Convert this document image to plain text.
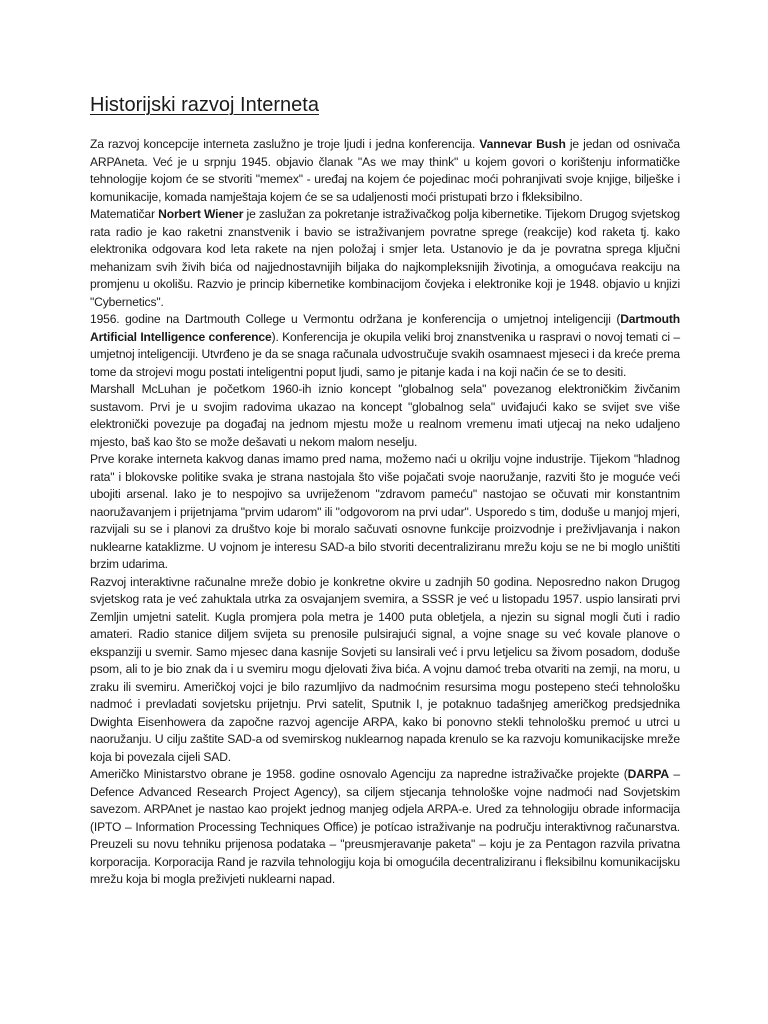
Historijski razvoj Interneta

Za razvoj koncepcije interneta zaslužno je troje ljudi i jedna konferencija. Vannevar Bush je jedan od osnivača ARPAneta. Već je u srpnju 1945. objavio članak "As we may think" u kojem govori o korištenju informatičke tehnologije kojom će se stvoriti "memex" - uređaj na kojem će pojedinac moći pohranjivati svoje knjige, bilješke i komunikacije, komada namještaja kojem će se sa udaljenosti moći pristupati brzo i fkleksibilno.

Matematičar Norbert Wiener je zaslužan za pokretanje istraživačkog polja kibernetike. Tijekom Drugog svjetskog rata radio je kao raketni znanstvenik i bavio se istraživanjem povratne sprege (reakcije) kod raketa tj. kako elektronika odgovara kod leta rakete na njen položaj i smjer leta. Ustanovio je da je povratna sprega ključni mehanizam svih živih bića od najjednostavnijih biljaka do najkompleksnijih životinja, a omogućava reakciju na promjenu u okolišu. Razvio je princip kibernetike kombinacijom čovjeka i elektronike koji je 1948. objavio u knjizi "Cybernetics".

1956. godine na Dartmouth College u Vermontu održana je konferencija o umjetnoj inteligenciji (Dartmouth Artificial Intelligence conference). Konferencija je okupila veliki broj znanstvenika u raspravi o novoj temati ci – umjetnoj inteligenciji. Utvrđeno je da se snaga računala udvostručuje svakih osamnaest mjeseci i da kreće prema tome da strojevi mogu postati inteligentni poput ljudi, samo je pitanje kada i na koji način će se to desiti.

Marshall McLuhan je početkom 1960-ih iznio koncept "globalnog sela" povezanog elektroničkim živčanim sustavom. Prvi je u svojim radovima ukazao na koncept "globalnog sela" uviđajući kako se svijet sve više elektronički povezuje pa događaj na jednom mjestu može u realnom vremenu imati utjecaj na neko udaljeno mjesto, baš kao što se može dešavati u nekom malom neselju.

Prve korake interneta kakvog danas imamo pred nama, možemo naći u okrilju vojne industrije. Tijekom "hladnog rata" i blokovske politike svaka je strana nastojala što više pojačati svoje naoružanje, razviti što je moguće veći ubojiti arsenal. Iako je to nespojivo sa uvriježenom "zdravom pameću" nastojao se očuvati mir konstantnim naoružavanjem i prijetnjama "prvim udarom" ili "odgovorom na prvi udar". Usporedo s tim, doduše u manjoj mjeri, razvijali su se i planovi za društvo koje bi moralo sačuvati osnovne funkcije proizvodnje i preživljavanja i nakon nuklearne kataklizme. U vojnom je interesu SAD-a bilo stvoriti decentraliziranu mrežu koju se ne bi moglo uništiti brzim udarima.

Razvoj interaktivne računalne mreže dobio je konkretne okvire u zadnjih 50 godina. Neposredno nakon Drugog svjetskog rata je već zahuktala utrka za osvajanjem svemira, a SSSR je već u listopadu 1957. uspio lansirati prvi Zemljin umjetni satelit. Kugla promjera pola metra je 1400 puta obletjela, a njezin su signal mogli čuti i radio amateri. Radio stanice diljem svijeta su prenosile pulsirajući signal, a vojne snage su već kovale planove o ekspanziji u svemir. Samo mjesec dana kasnije Sovjeti su lansirali već i prvu letjelicu sa živom posadom, doduše psom, ali to je bio znak da i u svemiru mogu djelovati živa bića. A vojnu damoć treba otvariti na zemji, na moru, u zraku ili svemiru. Američkoj vojci je bilo razumljivo da nadmoćnim resursima mogu postepeno steći tehnološku nadmoć i prevladati sovjetsku prijetnju. Prvi satelit, Sputnik I, je potaknuo tadašnjeg američkog predsjednika Dwighta Eisenhowera da započne razvoj agencije ARPA, kako bi ponovno stekli tehnološku premoć u utrci u naoružanju. U cilju zaštite SAD-a od svemirskog nuklearnog napada krenulo se ka razvoju komunikacijske mreže koja bi povezala cijeli SAD.

Američko Ministarstvo obrane je 1958. godine osnovalo Agenciju za napredne istraživačke projekte (DARPA – Defence Advanced Research Project Agency), sa ciljem stjecanja tehnološke vojne nadmoći nad Sovjetskim savezom. ARPAnet je nastao kao projekt jednog manjeg odjela ARPA-e. Ured za tehnologiju obrade informacija (IPTO – Information Processing Techniques Office) je potícao istraživanje na području interaktivnog računarstva. Preuzeli su novu tehniku prijenosa podataka – "preusmjeravanje paketa" – koju je za Pentagon razvila privatna korporacija. Korporacija Rand je razvila tehnologiju koja bi omogućila decentraliziranu i fleksibilnu komunikacijsku mrežu koja bi mogla preživjeti nuklearni napad.
